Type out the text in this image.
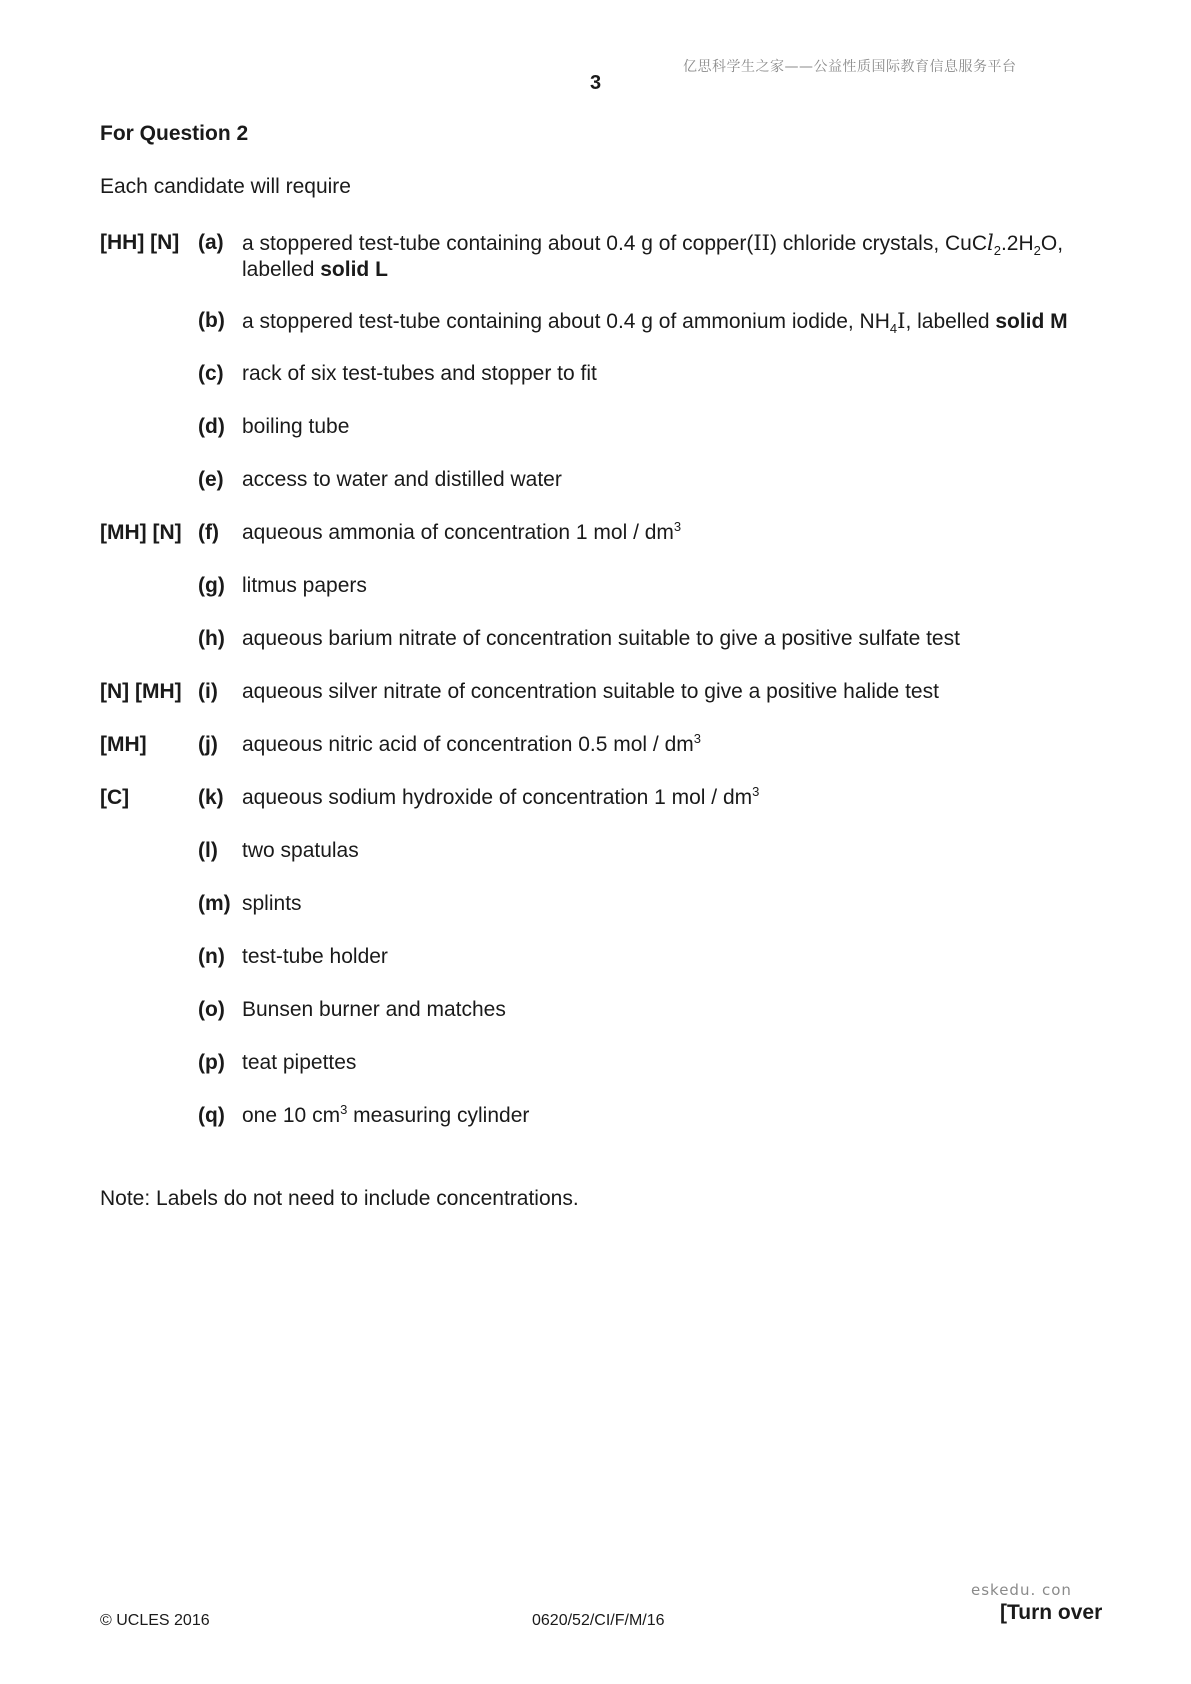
亿思科学生之家——公益性质国际教育信息服务平台
3
For Question 2
Each candidate will require
[HH] [N] (a) a stoppered test-tube containing about 0.4 g of copper(II) chloride crystals, $CuCl_2.2H_2O$,
labelled solid L
(b) a stoppered test-tube containing about 0.4 g of ammonium iodide, $NH_4I$, labelled solid M
(c) rack of six test-tubes and stopper to fit
(d) boiling tube
(e) access to water and distilled water
[MH] [N] (f) aqueous ammonia of concentration 1 mol / $dm^3$
(g) litmus papers
(h) aqueous barium nitrate of concentration suitable to give a positive sulfate test
[N] [MH] (i) aqueous silver nitrate of concentration suitable to give a positive halide test
[MH] (j) aqueous nitric acid of concentration 0.5 mol / $dm^3$
[C]	(k) aqueous sodium hydroxide of concentration 1 mol / $dm^3$
(l) two spatulas
(m) splints
(n) test-tube holder
(o) Bunsen burner and matches
(p) teat pipettes
(q) one 10 $cm^3$ measuring cylinder
Note: Labels do not need to include concentrations.
© UCLES 2016	0620/52/CI/F/M/16
eskedu. con
[Turn over
